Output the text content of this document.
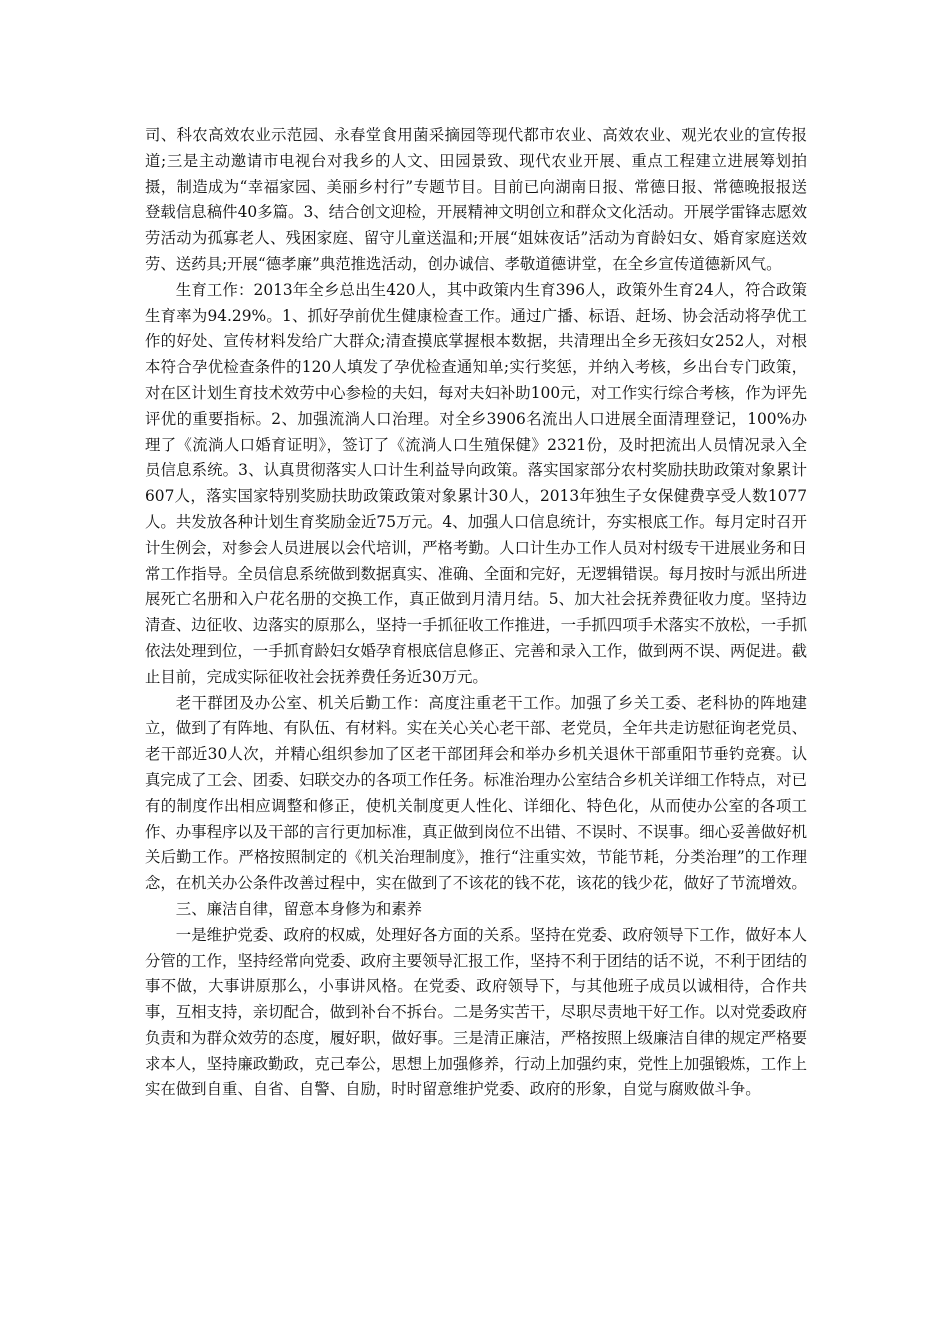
司、科农高效农业示范园、永春堂食用菌采摘园等现代都市农业、高效农业、观光农业的宣传报道;三是主动邀请市电视台对我乡的人文、田园景致、现代农业开展、重点工程建立进展筹划拍摄，制造成为“幸福家园、美丽乡村行”专题节目。目前已向湖南日报、常德日报、常德晚报报送登载信息稿件40多篇。3、结合创文迎检，开展精神文明创立和群众文化活动。开展学雷锋志愿效劳活动为孤寡老人、残困家庭、留守儿童送温和;开展“姐妹夜话”活动为育龄妇女、婚育家庭送效劳、送药具;开展“德孝廉”典范推选活动，创办诚信、孝敬道德讲堂，在全乡宣传道德新风气。

生育工作：2013年全乡总出生420人，其中政策内生育396人，政策外生育24人，符合政策生育率为94.29%。1、抓好孕前优生健康检查工作。通过广播、标语、赶场、协会活动将孕优工作的好处、宣传材料发给广大群众;清查摸底掌握根本数据，共清理出全乡无孩妇女252人，对根本符合孕优检查条件的120人填发了孕优检查通知单;实行奖惩，并纳入考核，乡出台专门政策，对在区计划生育技术效劳中心参检的夫妇，每对夫妇补助100元，对工作实行综合考核，作为评先评优的重要指标。2、加强流淌人口治理。对全乡3906名流出人口进展全面清理登记，100%办理了《流淌人口婚育证明》，签订了《流淌人口生殖保健》2321份，及时把流出人员情况录入全员信息系统。3、认真贯彻落实人口计生利益导向政策。落实国家部分农村奖励扶助政策对象累计607人，落实国家特别奖励扶助政策政策对象累计30人，2013年独生子女保健费享受人数1077人。共发放各种计划生育奖励金近75万元。4、加强人口信息统计，夯实根底工作。每月定时召开计生例会，对参会人员进展以会代培训，严格考勤。人口计生办工作人员对村级专干进展业务和日常工作指导。全员信息系统做到数据真实、准确、全面和完好，无逻辑错误。每月按时与派出所进展死亡名册和入户花名册的交换工作，真正做到月清月结。5、加大社会抚养费征收力度。坚持边清查、边征收、边落实的原那么，坚持一手抓征收工作推进，一手抓四项手术落实不放松，一手抓依法处理到位，一手抓育龄妇女婚孕育根底信息修正、完善和录入工作，做到两不误、两促进。截止目前，完成实际征收社会抚养费任务近30万元。

老干群团及办公室、机关后勤工作：高度注重老干工作。加强了乡关工委、老科协的阵地建立，做到了有阵地、有队伍、有材料。实在关心关心老干部、老党员，全年共走访慰征询老党员、老干部近30人次，并精心组织参加了区老干部团拜会和举办乡机关退休干部重阳节垂钓竞赛。认真完成了工会、团委、妇联交办的各项工作任务。标准治理办公室结合乡机关详细工作特点，对已有的制度作出相应调整和修正，使机关制度更人性化、详细化、特色化，从而使办公室的各项工作、办事程序以及干部的言行更加标准，真正做到岗位不出错、不误时、不误事。细心妥善做好机关后勤工作。严格按照制定的《机关治理制度》，推行“注重实效，节能节耗，分类治理”的工作理念，在机关办公条件改善过程中，实在做到了不该花的钱不花，该花的钱少花，做好了节流增效。

三、廉洁自律，留意本身修为和素养

一是维护党委、政府的权威，处理好各方面的关系。坚持在党委、政府领导下工作，做好本人分管的工作，坚持经常向党委、政府主要领导汇报工作，坚持不利于团结的话不说，不利于团结的事不做，大事讲原那么，小事讲风格。在党委、政府领导下，与其他班子成员以诚相待，合作共事，互相支持，亲切配合，做到补台不拆台。二是务实苦干，尽职尽责地干好工作。以对党委政府负责和为群众效劳的态度，履好职，做好事。三是清正廉洁，严格按照上级廉洁自律的规定严格要求本人，坚持廉政勤政，克己奉公，思想上加强修养，行动上加强约束，党性上加强锻炼，工作上实在做到自重、自省、自警、自励，时时留意维护党委、政府的形象，自觉与腐败做斗争。
